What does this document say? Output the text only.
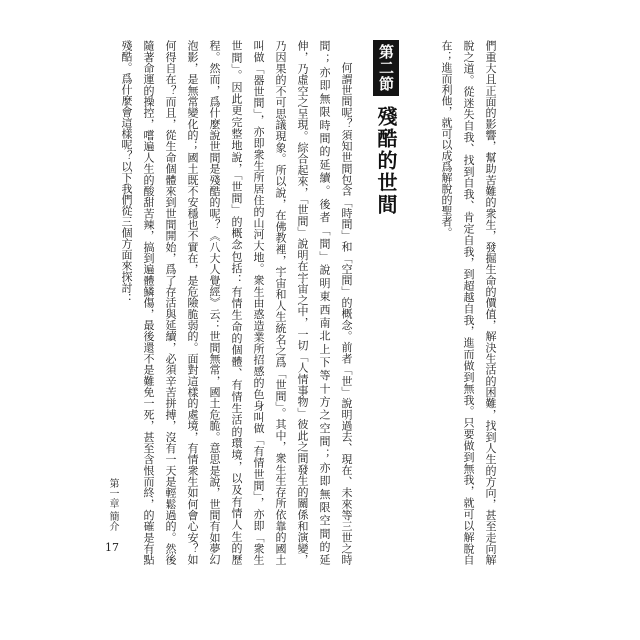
們重大且正面的影響，幫助苦難的衆生，發掘生命的價值，解決生活的困難，找到人生的方向，甚至走向解
脫之道。從迷失自我、找到自我、肯定自我，到超越自我，進而做到無我。只要做到無我，就可以解脫自
在；進而利他，就可以成爲解脫的聖者。
第二節
殘酷的世間
何謂世間呢？須知世間包含「時間」和「空間」的概念。前者「世」說明過去、現在、未來等三世之時
間；亦即無限時間的延續。後者「間」說明東西南北上下等十方之空間；亦即無限空間的延
伸，乃虛空之呈現。綜合起來，「世間」說明在宇宙之中，一切「人情事物」彼此之間發生的關係和演變，
乃因果的不可思議現象。所以說，在佛教裡，宇宙和人生統名之爲「世間」。其中，衆生生存所依靠的國土
叫做「器世間」，亦即衆生所居住的山河大地。衆生由惑造業所招感的色身叫做「有情世間」，亦即「衆生
世間」。因此更完整地說，「世間」的概念包括：有情生命的個體、有情生活的環境，以及有情人生的歷
程。然而，爲什麼說世間是殘酷的呢？《八大人覺經》云：世間無常，國土危脆。意思是說，世間有如夢幻
泡影，是無常變化的；國土既不安穩也不實在，是危險脆弱的。面對這樣的處境，有情衆生如何會心安？如
何得自在？而且，從生命個體來到世間開始，爲了存活與延續，必須辛苦拼搏，沒有一天是輕鬆過的。然後
隨著命運的操控，嚐遍人生的酸甜苦辣，搞到遍體鱗傷，最後還不是難免一死，甚至含恨而終，的確是有點
殘酷。爲什麼會這樣呢？以下我們從三個方面來探討：
第一章 簡介
17
